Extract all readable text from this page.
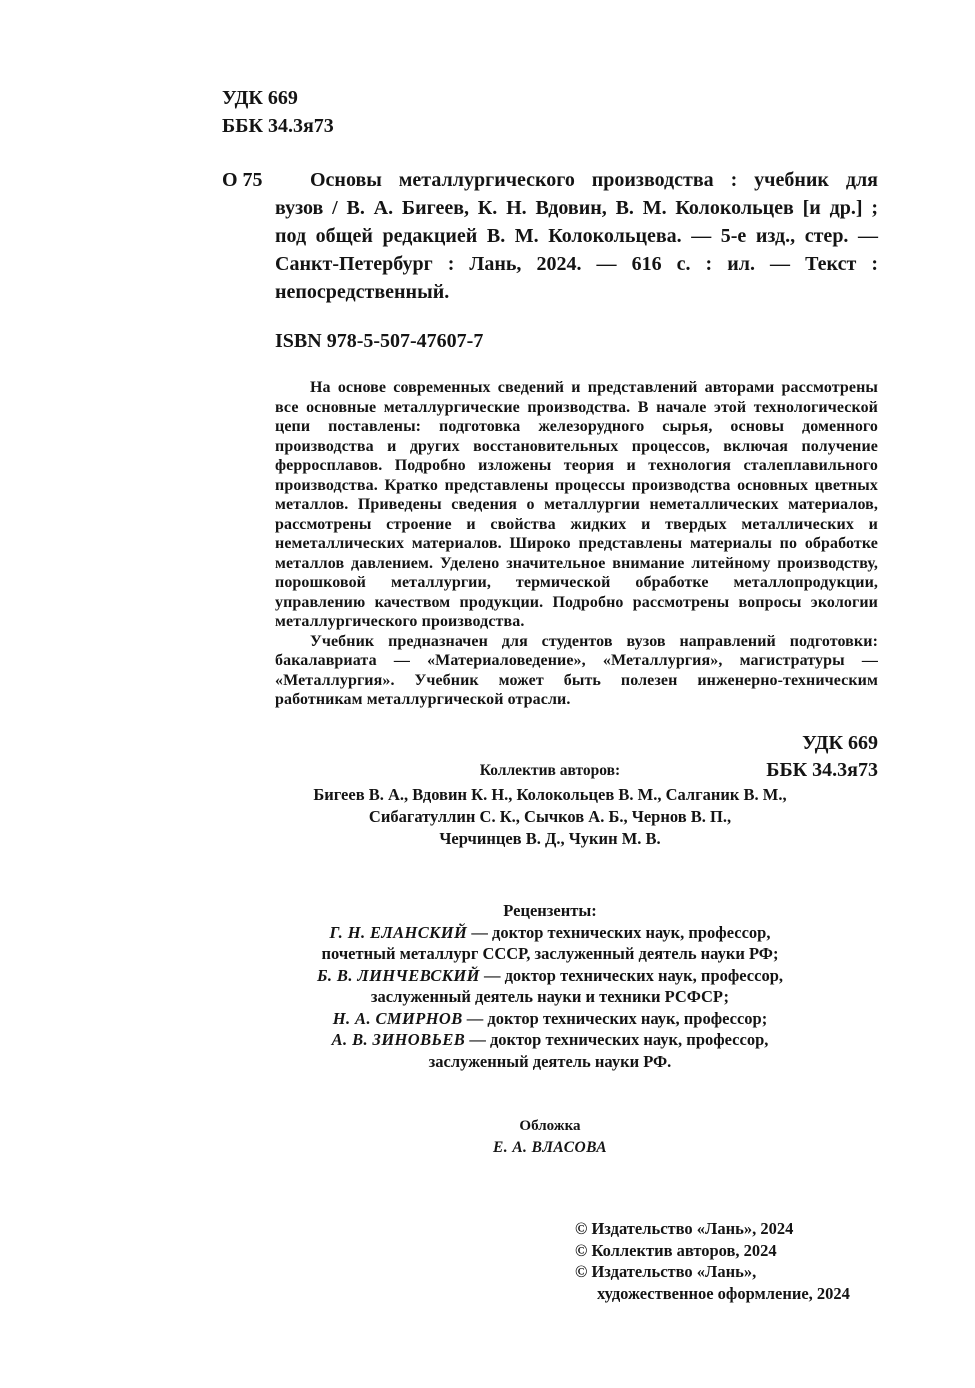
УДК 669
ББК 34.3я73
О 75	Основы металлургического производства : учебник для вузов / В. А. Бигеев, К. Н. Вдовин, В. М. Колокольцев [и др.] ; под общей редакцией В. М. Колокольцева. — 5-е изд., стер. — Санкт-Петербург : Лань, 2024. — 616 с. : ил. — Текст : непосредственный.

ISBN 978-5-507-47607-7

На основе современных сведений и представлений авторами рассмотрены все основные металлургические производства. В начале этой технологической цепи поставлены: подготовка железорудного сырья, основы доменного производства и других восстановительных процессов, включая получение ферросплавов. Подробно изложены теория и технология сталеплавильного производства. Кратко представлены процессы производства основных цветных металлов. Приведены сведения о металлургии неметаллических материалов, рассмотрены строение и свойства жидких и твердых металлических и неметаллических материалов. Широко представлены материалы по обработке металлов давлением. Уделено значительное внимание литейному производству, порошковой металлургии, термической обработке металлопродукции, управлению качеством продукции. Подробно рассмотрены вопросы экологии металлургического производства.

Учебник предназначен для студентов вузов направлений подготовки: бакалавриата — «Материаловедение», «Металлургия», магистратуры — «Металлургия». Учебник может быть полезен инженерно-техническим работникам металлургической отрасли.

УДК 669
ББК 34.3я73
Коллектив авторов:
Бигеев В. А., Вдовин К. Н., Колокольцев В. М., Салганик В. М.,
Сибагатуллин С. К., Сычков А. Б., Чернов В. П.,
Черчинцев В. Д., Чукин М. В.
Рецензенты:
Г. Н. ЕЛАНСКИЙ — доктор технических наук, профессор,
почетный металлург СССР, заслуженный деятель науки РФ;
Б. В. ЛИНЧЕВСКИЙ — доктор технических наук, профессор,
заслуженный деятель науки и техники РСФСР;
Н. А. СМИРНОВ — доктор технических наук, профессор;
А. В. ЗИНОВЬЕВ — доктор технических наук, профессор,
заслуженный деятель науки РФ.
Обложка
Е. А. ВЛАСОВА
© Издательство «Лань», 2024
© Коллектив авторов, 2024
© Издательство «Лань»,
художественное оформление, 2024
